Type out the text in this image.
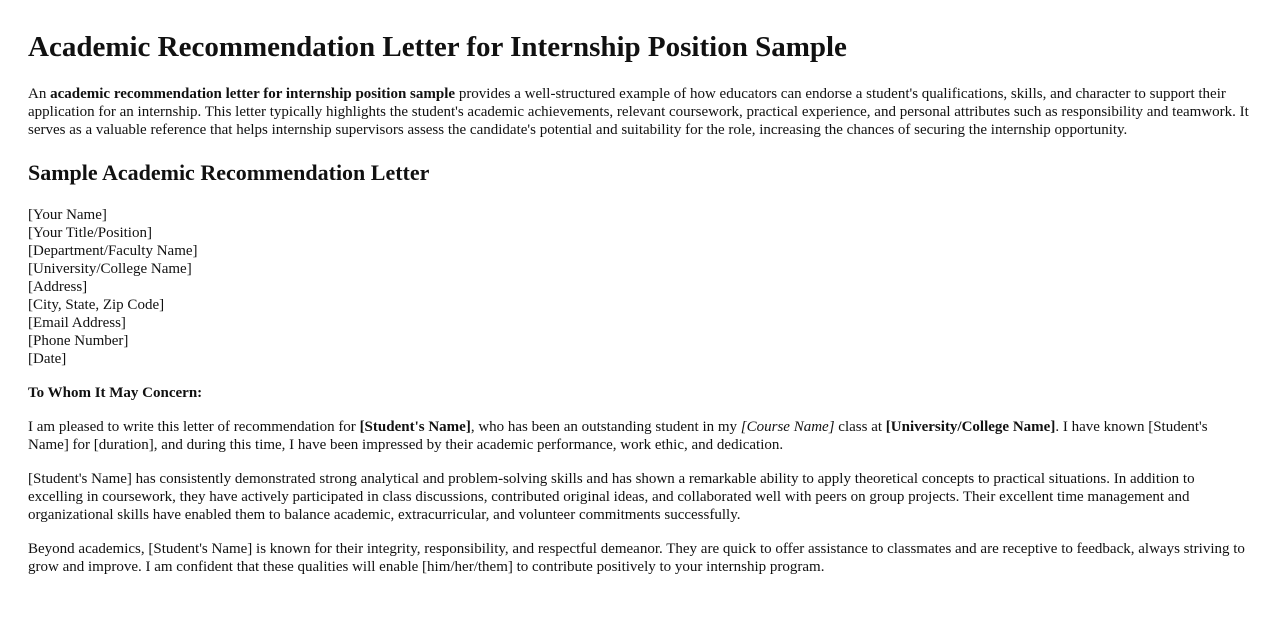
Academic Recommendation Letter for Internship Position Sample

An academic recommendation letter for internship position sample provides a well-structured example of how educators can endorse a student's qualifications, skills, and character to support their application for an internship. This letter typically highlights the student's academic achievements, relevant coursework, practical experience, and personal attributes such as responsibility and teamwork. It serves as a valuable reference that helps internship supervisors assess the candidate's potential and suitability for the role, increasing the chances of securing the internship opportunity.

Sample Academic Recommendation Letter
[Your Name]
[Your Title/Position]
[Department/Faculty Name]
[University/College Name]
[Address]
[City, State, Zip Code]
[Email Address]
[Phone Number]
[Date]

To Whom It May Concern:

I am pleased to write this letter of recommendation for [Student's Name], who has been an outstanding student in my [Course Name] class at [University/College Name]. I have known [Student's Name] for [duration], and during this time, I have been impressed by their academic performance, work ethic, and dedication.

[Student's Name] has consistently demonstrated strong analytical and problem-solving skills and has shown a remarkable ability to apply theoretical concepts to practical situations. In addition to excelling in coursework, they have actively participated in class discussions, contributed original ideas, and collaborated well with peers on group projects. Their excellent time management and organizational skills have enabled them to balance academic, extracurricular, and volunteer commitments successfully.

Beyond academics, [Student's Name] is known for their integrity, responsibility, and respectful demeanor. They are quick to offer assistance to classmates and are receptive to feedback, always striving to grow and improve. I am confident that these qualities will enable [him/her/them] to contribute positively to your internship program.
